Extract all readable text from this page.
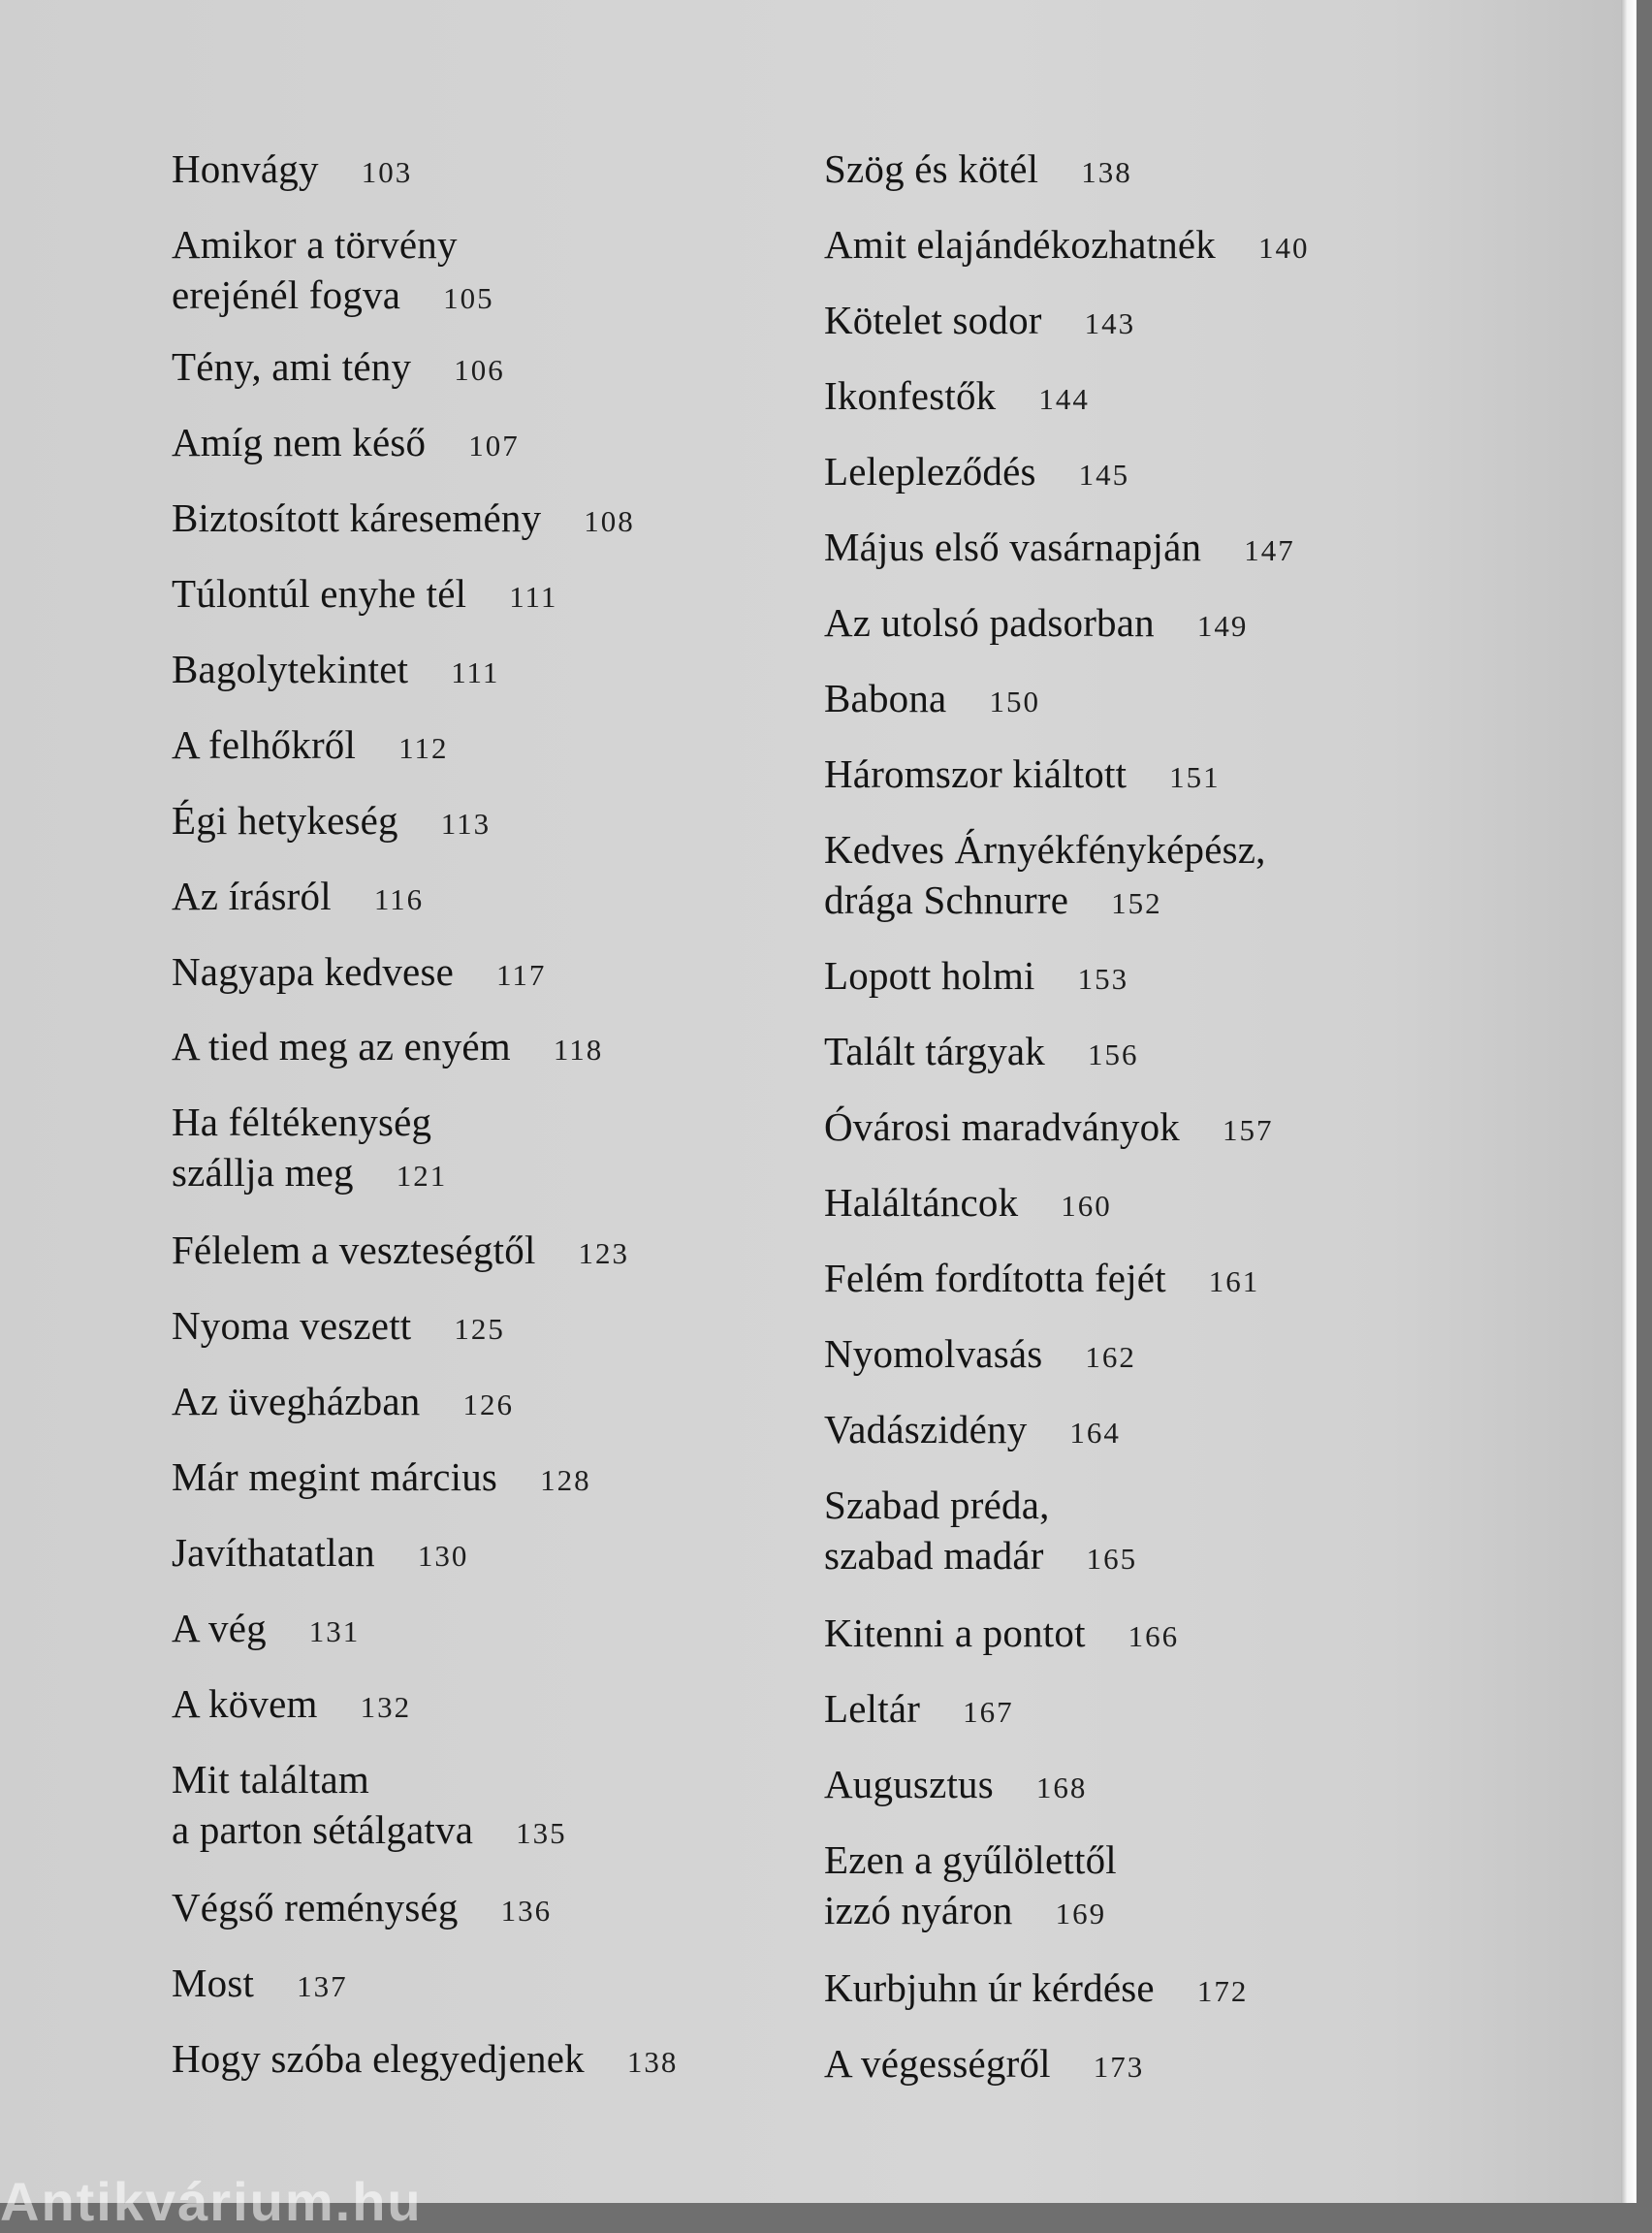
Honvágy 103
Amikor a törvény
erejénél fogva 105
Tény, ami tény 106
Amíg nem késő 107
Biztosított káresemény 108
Túlontúl enyhe tél 111
Bagolytekintet 111
A felhőkről 112
Égi hetykeség 113
Az írásról 116
Nagyapa kedvese 117
A tied meg az enyém 118
Ha féltékenység
szállja meg 121
Félelem a veszteségtől 123
Nyoma veszett 125
Az üvegházban 126
Már megint március 128
Javíthatatlan 130
A vég 131
A kövem 132
Mit találtam
a parton sétálgatva 135
Végső reménység 136
Most 137
Hogy szóba elegyedjenek 138
Szög és kötél 138
Amit elajándékozhatnék 140
Kötelet sodor 143
Ikonfestők 144
Lelepleződés 145
Május első vasárnapján 147
Az utolsó padsorban 149
Babona 150
Háromszor kiáltott 151
Kedves Árnyékfényképész,
drága Schnurre 152
Lopott holmi 153
Talált tárgyak 156
Óvárosi maradványok 157
Haláltáncok 160
Felém fordította fejét 161
Nyomolvasás 162
Vadászidény 164
Szabad préda,
szabad madár 165
Kitenni a pontot 166
Leltár 167
Augusztus 168
Ezen a gyűlölettől
izzó nyáron 169
Kurbjuhn úr kérdése 172
A végességről 173
Antikvárium.hu
